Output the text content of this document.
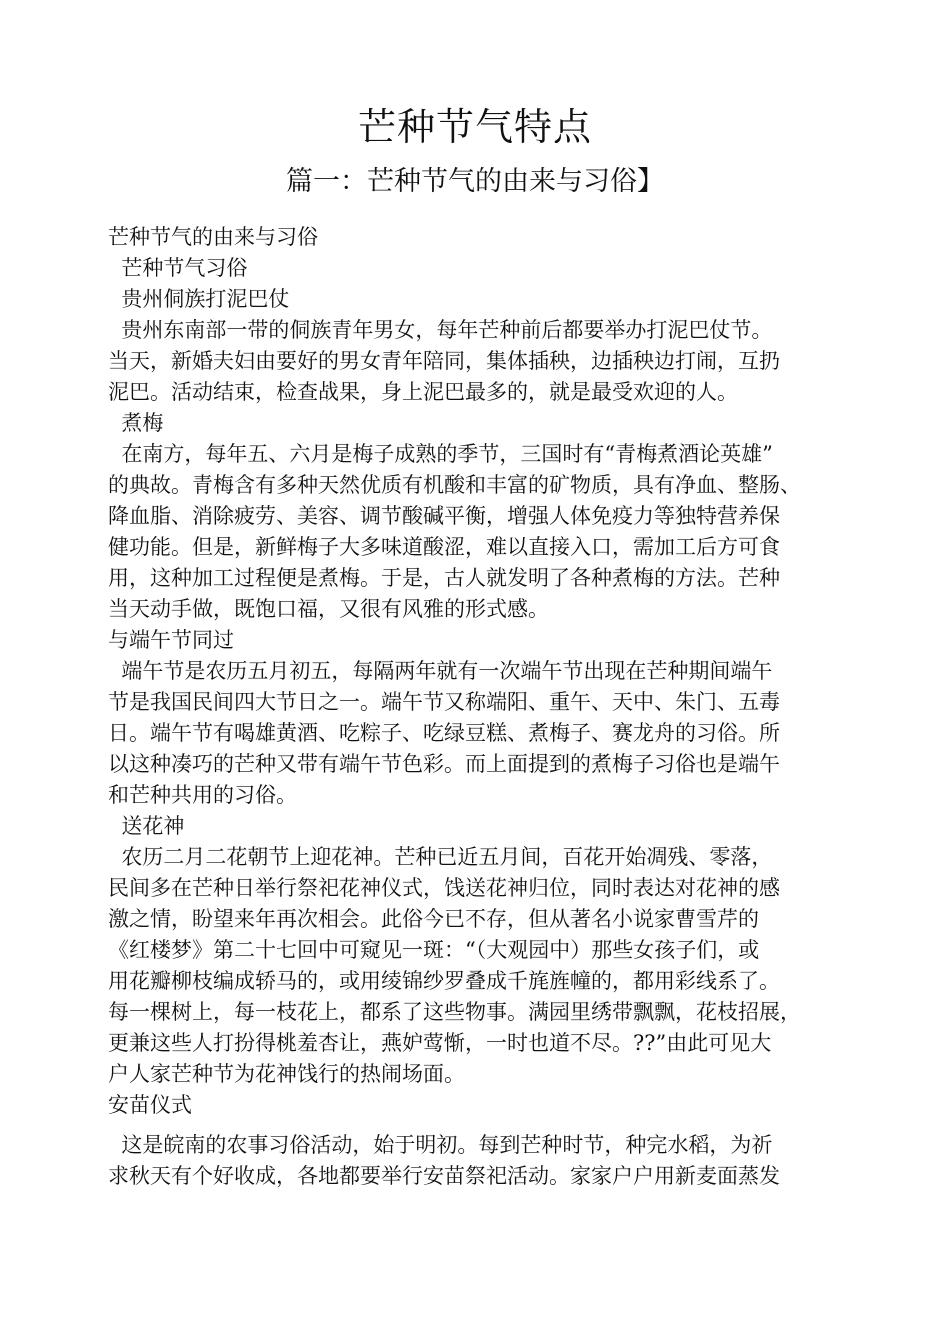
芒种节气特点
篇一：芒种节气的由来与习俗】
芒种节气的由来与习俗
芒种节气习俗
贵州侗族打泥巴仗
贵州东南部一带的侗族青年男女，每年芒种前后都要举办打泥巴仗节。
当天，新婚夫妇由要好的男女青年陪同，集体插秧，边插秧边打闹，互扔
泥巴。活动结束，检查战果，身上泥巴最多的，就是最受欢迎的人。
煮梅
在南方，每年五、六月是梅子成熟的季节，三国时有“青梅煮酒论英雄”
的典故。青梅含有多种天然优质有机酸和丰富的矿物质，具有净血、整肠、
降血脂、消除疲劳、美容、调节酸碱平衡，增强人体免疫力等独特营养保
健功能。但是，新鲜梅子大多味道酸涩，难以直接入口，需加工后方可食
用，这种加工过程便是煮梅。于是，古人就发明了各种煮梅的方法。芒种
当天动手做，既饱口福，又很有风雅的形式感。
与端午节同过
端午节是农历五月初五，每隔两年就有一次端午节出现在芒种期间端午
节是我国民间四大节日之一。端午节又称端阳、重午、天中、朱门、五毒
日。端午节有喝雄黄酒、吃粽子、吃绿豆糕、煮梅子、赛龙舟的习俗。所
以这种凑巧的芒种又带有端午节色彩。而上面提到的煮梅子习俗也是端午
和芒种共用的习俗。
送花神
农历二月二花朝节上迎花神。芒种已近五月间，百花开始凋残、零落，
民间多在芒种日举行祭祀花神仪式，饯送花神归位，同时表达对花神的感
激之情，盼望来年再次相会。此俗今已不存，但从著名小说家曹雪芹的
《红楼梦》第二十七回中可窥见一斑：“（大观园中）那些女孩子们，或
用花瓣柳枝编成轿马的，或用绫锦纱罗叠成千旄旌幢的，都用彩线系了。
每一棵树上，每一枝花上，都系了这些物事。满园里绣带飘飘，花枝招展，
更兼这些人打扮得桃羞杏让，燕妒莺惭，一时也道不尽。??”由此可见大
户人家芒种节为花神饯行的热闹场面。
安苗仪式
这是皖南的农事习俗活动，始于明初。每到芒种时节，种完水稻，为祈
求秋天有个好收成，各地都要举行安苗祭祀活动。家家户户用新麦面蒸发
